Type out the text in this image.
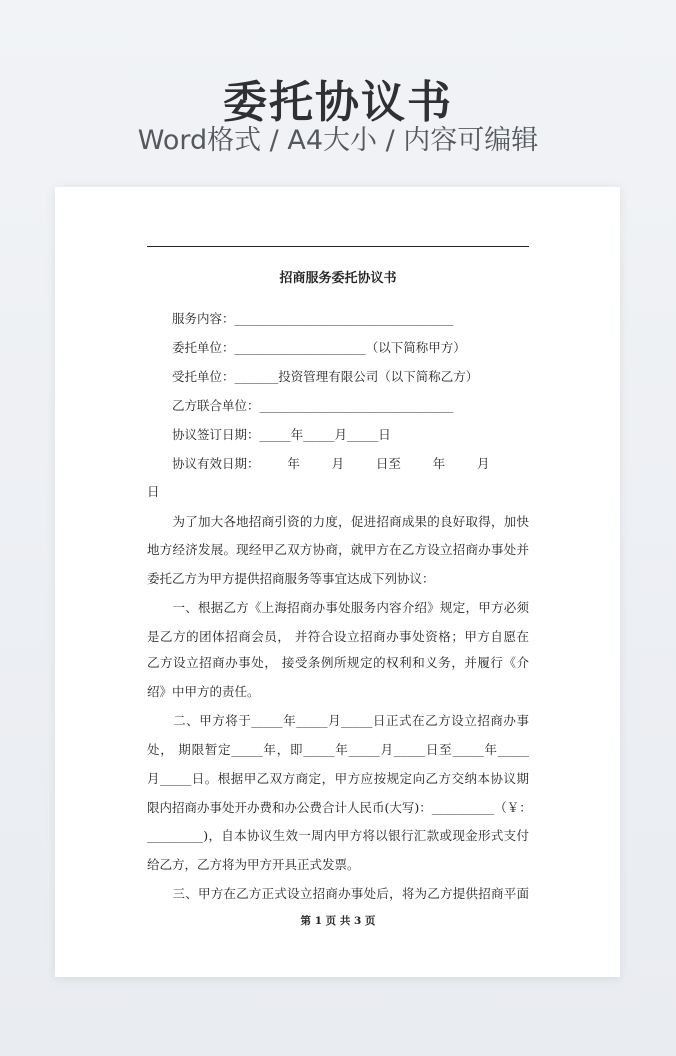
委托协议书
Word格式 / A4大小 / 内容可编辑
招商服务委托协议书
服务内容：___________________________________
委托单位：_____________________（以下简称甲方）
受托单位：_______投资管理有限公司（以下简称乙方）
乙方联合单位：_______________________________
协议签订日期：_____年_____月_____日
协议有效日期：       年        月        日至        年        月
日
　　为了加大各地招商引资的力度，促进招商成果的良好取得，加快
地方经济发展。现经甲乙双方协商，就甲方在乙方设立招商办事处并
委托乙方为甲方提供招商服务等事宜达成下列协议：
　　一、根据乙方《上海招商办事处服务内容介绍》规定，甲方必须
是乙方的团体招商会员， 并符合设立招商办事处资格；甲方自愿在
乙方设立招商办事处， 接受条例所规定的权利和义务，并履行《介
绍》中甲方的责任。
　　二、甲方将于_____年_____月_____日正式在乙方设立招商办事
处， 期限暂定_____年，即_____年_____月_____日至_____年_____
月_____日。根据甲乙双方商定，甲方应按规定向乙方交纳本协议期
限内招商办事处开办费和办公费合计人民币(大写)：__________（￥：
_________)，自本协议生效一周内甲方将以银行汇款或现金形式支付
给乙方，乙方将为甲方开具正式发票。
　　三、甲方在乙方正式设立招商办事处后，将为乙方提供招商平面
第 1 页 共 3 页
